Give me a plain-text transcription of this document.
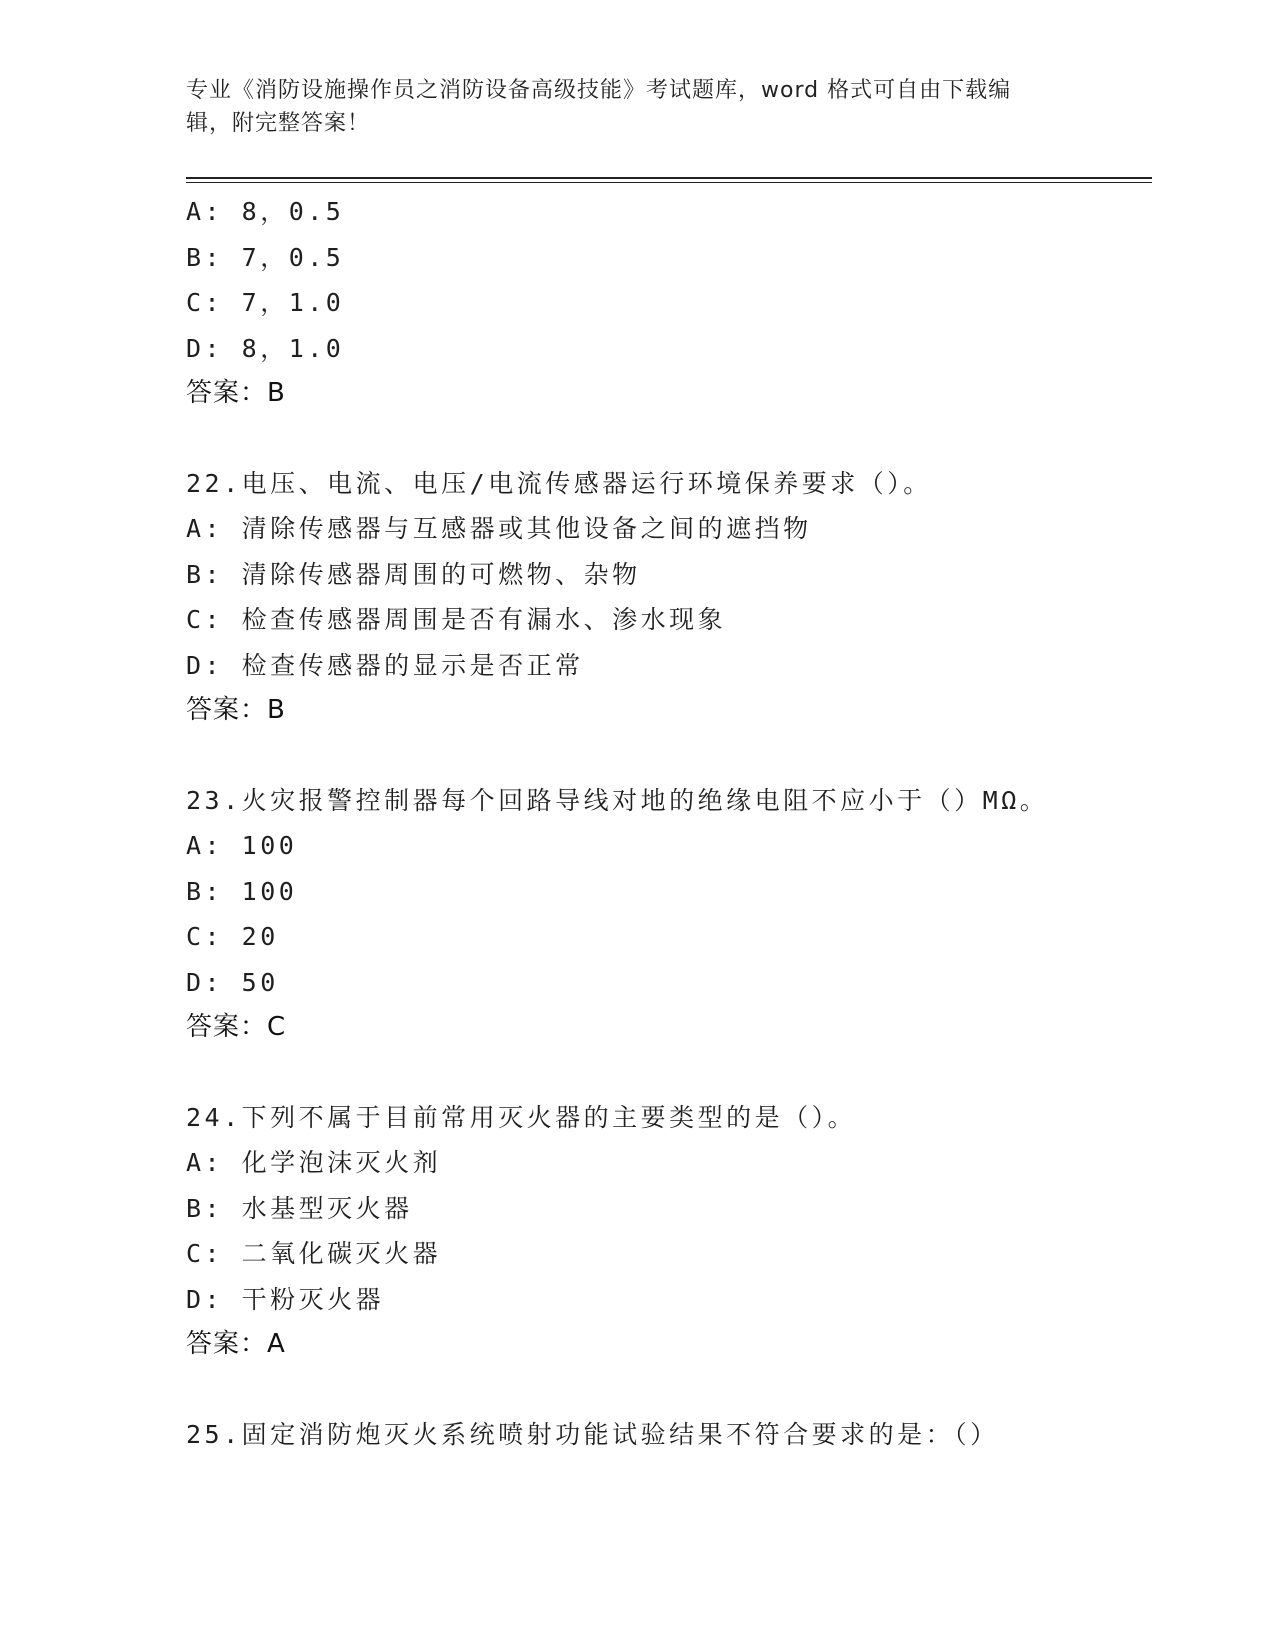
专业《消防设施操作员之消防设备高级技能》考试题库，word 格式可自由下载编
辑，附完整答案！
A: 8，0.5
B: 7，0.5
C: 7，1.0
D: 8，1.0
答案：B
22.电压、电流、电压/电流传感器运行环境保养要求（）。
A: 清除传感器与互感器或其他设备之间的遮挡物
B: 清除传感器周围的可燃物、杂物
C: 检查传感器周围是否有漏水、渗水现象
D: 检查传感器的显示是否正常
答案：B
23.火灾报警控制器每个回路导线对地的绝缘电阻不应小于（）MΩ。
A: 100
B: 100
C: 20
D: 50
答案：C
24.下列不属于目前常用灭火器的主要类型的是（）。
A: 化学泡沫灭火剂
B: 水基型灭火器
C: 二氧化碳灭火器
D: 干粉灭火器
答案：A
25.固定消防炮灭火系统喷射功能试验结果不符合要求的是：（）
